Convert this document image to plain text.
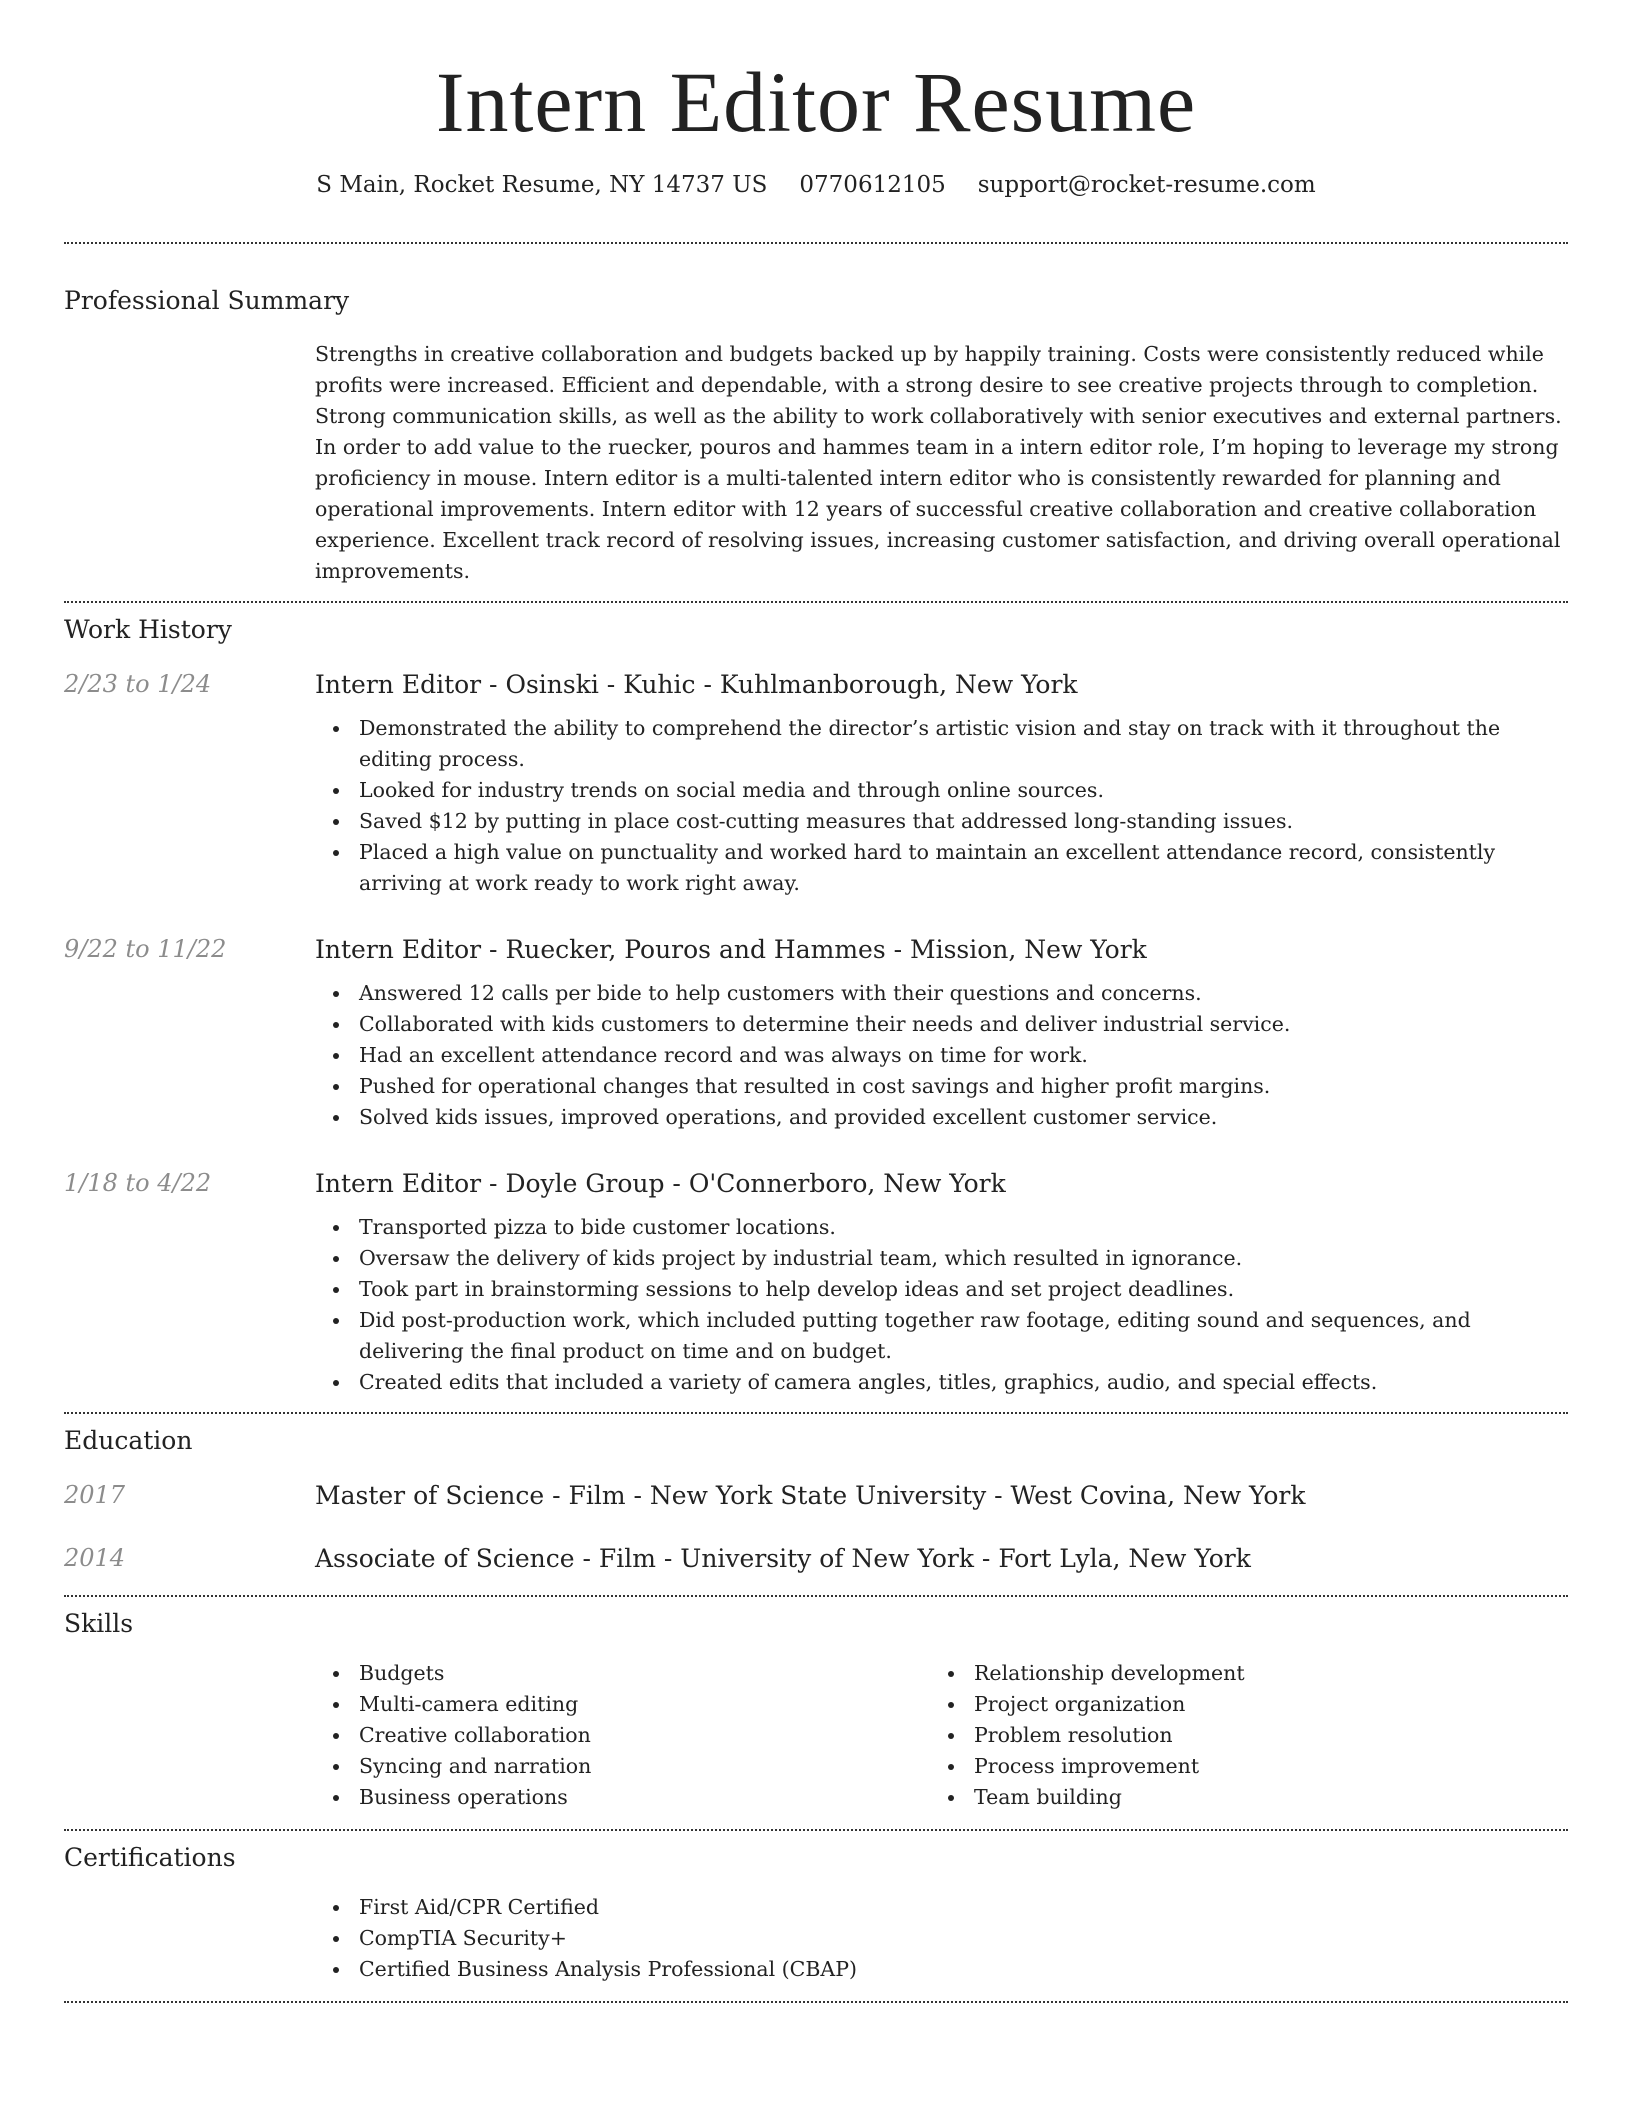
Intern Editor Resume
S Main, Rocket Resume, NY 14737 US 0770612105 support@rocket-resume.com
Professional Summary

Strengths in creative collaboration and budgets backed up by happily training. Costs were consistently reduced while profits were increased. Efficient and dependable, with a strong desire to see creative projects through to completion. Strong communication skills, as well as the ability to work collaboratively with senior executives and external partners. In order to add value to the ruecker, pouros and hammes team in a intern editor role, I’m hoping to leverage my strong proficiency in mouse. Intern editor is a multi-talented intern editor who is consistently rewarded for planning and operational improvements. Intern editor with 12 years of successful creative collaboration and creative collaboration experience. Excellent track record of resolving issues, increasing customer satisfaction, and driving overall operational improvements.

Work History
2/23 to 1/24	Intern Editor - Osinski - Kuhic - Kuhlmanborough, New York
Demonstrated the ability to comprehend the director’s artistic vision and stay on track with it throughout the editing process.
Looked for industry trends on social media and through online sources.
Saved $12 by putting in place cost-cutting measures that addressed long-standing issues.
Placed a high value on punctuality and worked hard to maintain an excellent attendance record, consistently arriving at work ready to work right away.
9/22 to 11/22	Intern Editor - Ruecker, Pouros and Hammes - Mission, New York
Answered 12 calls per bide to help customers with their questions and concerns.
Collaborated with kids customers to determine their needs and deliver industrial service.
Had an excellent attendance record and was always on time for work.
Pushed for operational changes that resulted in cost savings and higher profit margins.
Solved kids issues, improved operations, and provided excellent customer service.
1/18 to 4/22	Intern Editor - Doyle Group - O'Connerboro, New York
Transported pizza to bide customer locations.
Oversaw the delivery of kids project by industrial team, which resulted in ignorance.
Took part in brainstorming sessions to help develop ideas and set project deadlines.
Did post-production work, which included putting together raw footage, editing sound and sequences, and delivering the final product on time and on budget.
Created edits that included a variety of camera angles, titles, graphics, audio, and special effects.
Education
2017	Master of Science - Film - New York State University - West Covina, New York
2014	Associate of Science - Film - University of New York - Fort Lyla, New York
Skills
Budgets
Multi-camera editing
Creative collaboration
Syncing and narration
Business operations
Relationship development
Project organization
Problem resolution
Process improvement
Team building
Certifications
First Aid/CPR Certified
CompTIA Security+
Certified Business Analysis Professional (CBAP)
